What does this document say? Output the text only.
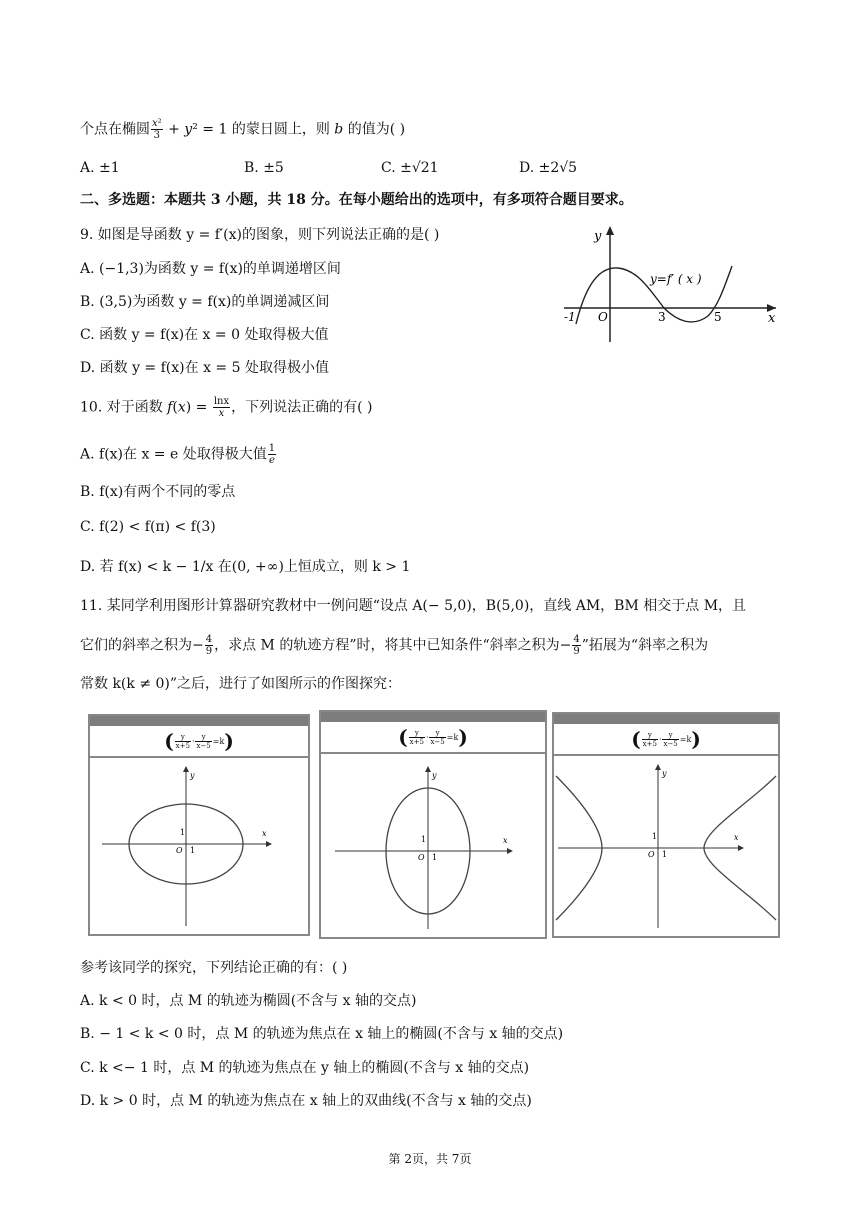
个点在椭圆 $\frac{\text{x²}}{3} + y^2 = 1$ 的蒙日圆上，则 b 的值为( )
A. ±1	B. ±5	C. ±√21	D. ±2√5
二、多选题：本题共 3 小题，共 18 分。在每小题给出的选项中，有多项符合题目要求。
9. 如图是导函数 y = f′(x)的图象，则下列说法正确的是( )
A. (−1,3)为函数 y = f(x)的单调递增区间
B. (3,5)为函数 y = f(x)的单调递减区间
C. 函数 y = f(x)在 x = 0 处取得极大值
D. 函数 y = f(x)在 x = 5 处取得极小值
y
x
y=f′ ( x )
-1 O	3	5
10. 对于函数 $f(x) = \frac{\ln x}{x}$ ，下列说法正确的有( )
A. f(x)在 x = e 处取得极大值 $\frac{1}{e}$
B. f(x)有两个不同的零点
C. f(2) < f(π) < f(3)
D. 若 f(x) < k − 1/x 在(0, +∞)上恒成立，则 k > 1
11. 某同学利用图形计算器研究教材中一例问题“设点 A(− 5,0)，B(5,0)，直线 AM，BM 相交于点 M，且
它们的斜率之积为− $\frac{4}{9}$ ，求点 M 的轨迹方程”时，将其中已知条件“斜率之积为− $\frac{4}{9}$ ”拓展为“斜率之积为
常数 k(k ≠ 0)”之后，进行了如图所示的作图探究：
( $\frac{y}{x+5} \cdot \frac{y}{x-5} =k$ )
x
y
O
1
1
( $\frac{y}{x+5} \cdot \frac{y}{x-5} =k$ )
x
y
O
1
1
( $\frac{y}{x+5} \cdot \frac{y}{x-5} =k$ )
x
y
O
1
1
参考该同学的探究，下列结论正确的有：( )
A. k < 0 时，点 M 的轨迹为椭圆(不含与 x 轴的交点)
B. − 1 < k < 0 时，点 M 的轨迹为焦点在 x 轴上的椭圆(不含与 x 轴的交点)
C. k <− 1 时，点 M 的轨迹为焦点在 y 轴上的椭圆(不含与 x 轴的交点)
D. k > 0 时，点 M 的轨迹为焦点在 x 轴上的双曲线(不含与 x 轴的交点)
第 2页，共 7页
